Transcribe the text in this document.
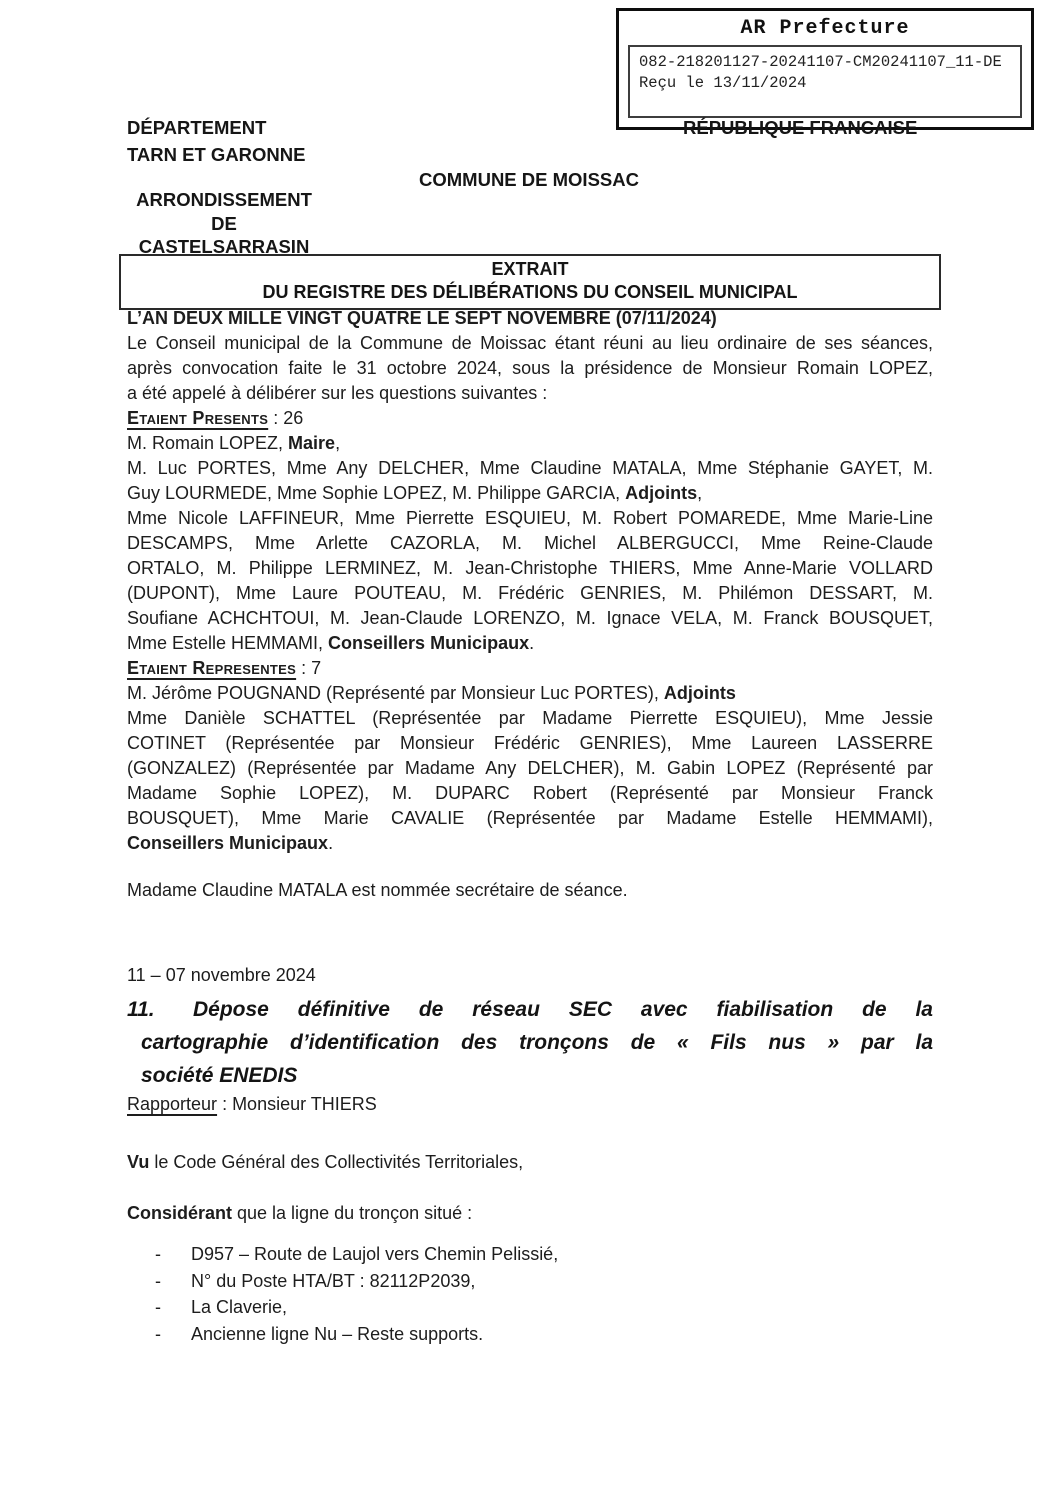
AR Prefecture
082-218201127-20241107-CM20241107_11-DE
Reçu le 13/11/2024
DÉPARTEMENT
TARN ET GARONNE
RÉPUBLIQUE FRANCAISE
COMMUNE DE MOISSAC
ARRONDISSEMENT
DE
CASTELSARRASIN
EXTRAIT
DU REGISTRE DES DÉLIBÉRATIONS DU CONSEIL MUNICIPAL
L’AN DEUX MILLE VINGT QUATRE LE SEPT NOVEMBRE (07/11/2024)
Le Conseil municipal de la Commune de Moissac étant réuni au lieu ordinaire de ses séances,
après convocation faite le 31 octobre 2024, sous la présidence de Monsieur Romain LOPEZ,
a été appelé à délibérer sur les questions suivantes :
Etaient Presents : 26
M. Romain LOPEZ, Maire,
M. Luc PORTES, Mme Any DELCHER, Mme Claudine MATALA, Mme Stéphanie GAYET, M.
Guy LOURMEDE, Mme Sophie LOPEZ, M. Philippe GARCIA, Adjoints,
Mme Nicole LAFFINEUR, Mme Pierrette ESQUIEU, M. Robert POMAREDE, Mme Marie-Line
DESCAMPS, Mme Arlette CAZORLA, M. Michel ALBERGUCCI, Mme Reine-Claude
ORTALO, M. Philippe LERMINEZ, M. Jean-Christophe THIERS, Mme Anne-Marie VOLLARD
(DUPONT), Mme Laure POUTEAU, M. Frédéric GENRIES, M. Philémon DESSART, M.
Soufiane ACHCHTOUI, M. Jean-Claude LORENZO, M. Ignace VELA, M. Franck BOUSQUET,
Mme Estelle HEMMAMI, Conseillers Municipaux.
Etaient Representes : 7
M. Jérôme POUGNAND (Représenté par Monsieur Luc PORTES), Adjoints
Mme Danièle SCHATTEL (Représentée par Madame Pierrette ESQUIEU), Mme Jessie
COTINET (Représentée par Monsieur Frédéric GENRIES), Mme Laureen LASSERRE
(GONZALEZ) (Représentée par Madame Any DELCHER), M. Gabin LOPEZ (Représenté par
Madame Sophie LOPEZ), M. DUPARC Robert (Représenté par Monsieur Franck
BOUSQUET), Mme Marie CAVALIE (Représentée par Madame Estelle HEMMAMI),
Conseillers Municipaux.
Madame Claudine MATALA est nommée secrétaire de séance.
11 – 07 novembre 2024
11. Dépose définitive de réseau SEC avec fiabilisation de la
cartographie d’identification des tronçons de « Fils nus » par la
société ENEDIS
Rapporteur : Monsieur THIERS
Vu le Code Général des Collectivités Territoriales,
Considérant que la ligne du tronçon situé :
-	D957 – Route de Laujol vers Chemin Pelissié,
-	N° du Poste HTA/BT : 82112P2039,
-	La Claverie,
-	Ancienne ligne Nu – Reste supports.
